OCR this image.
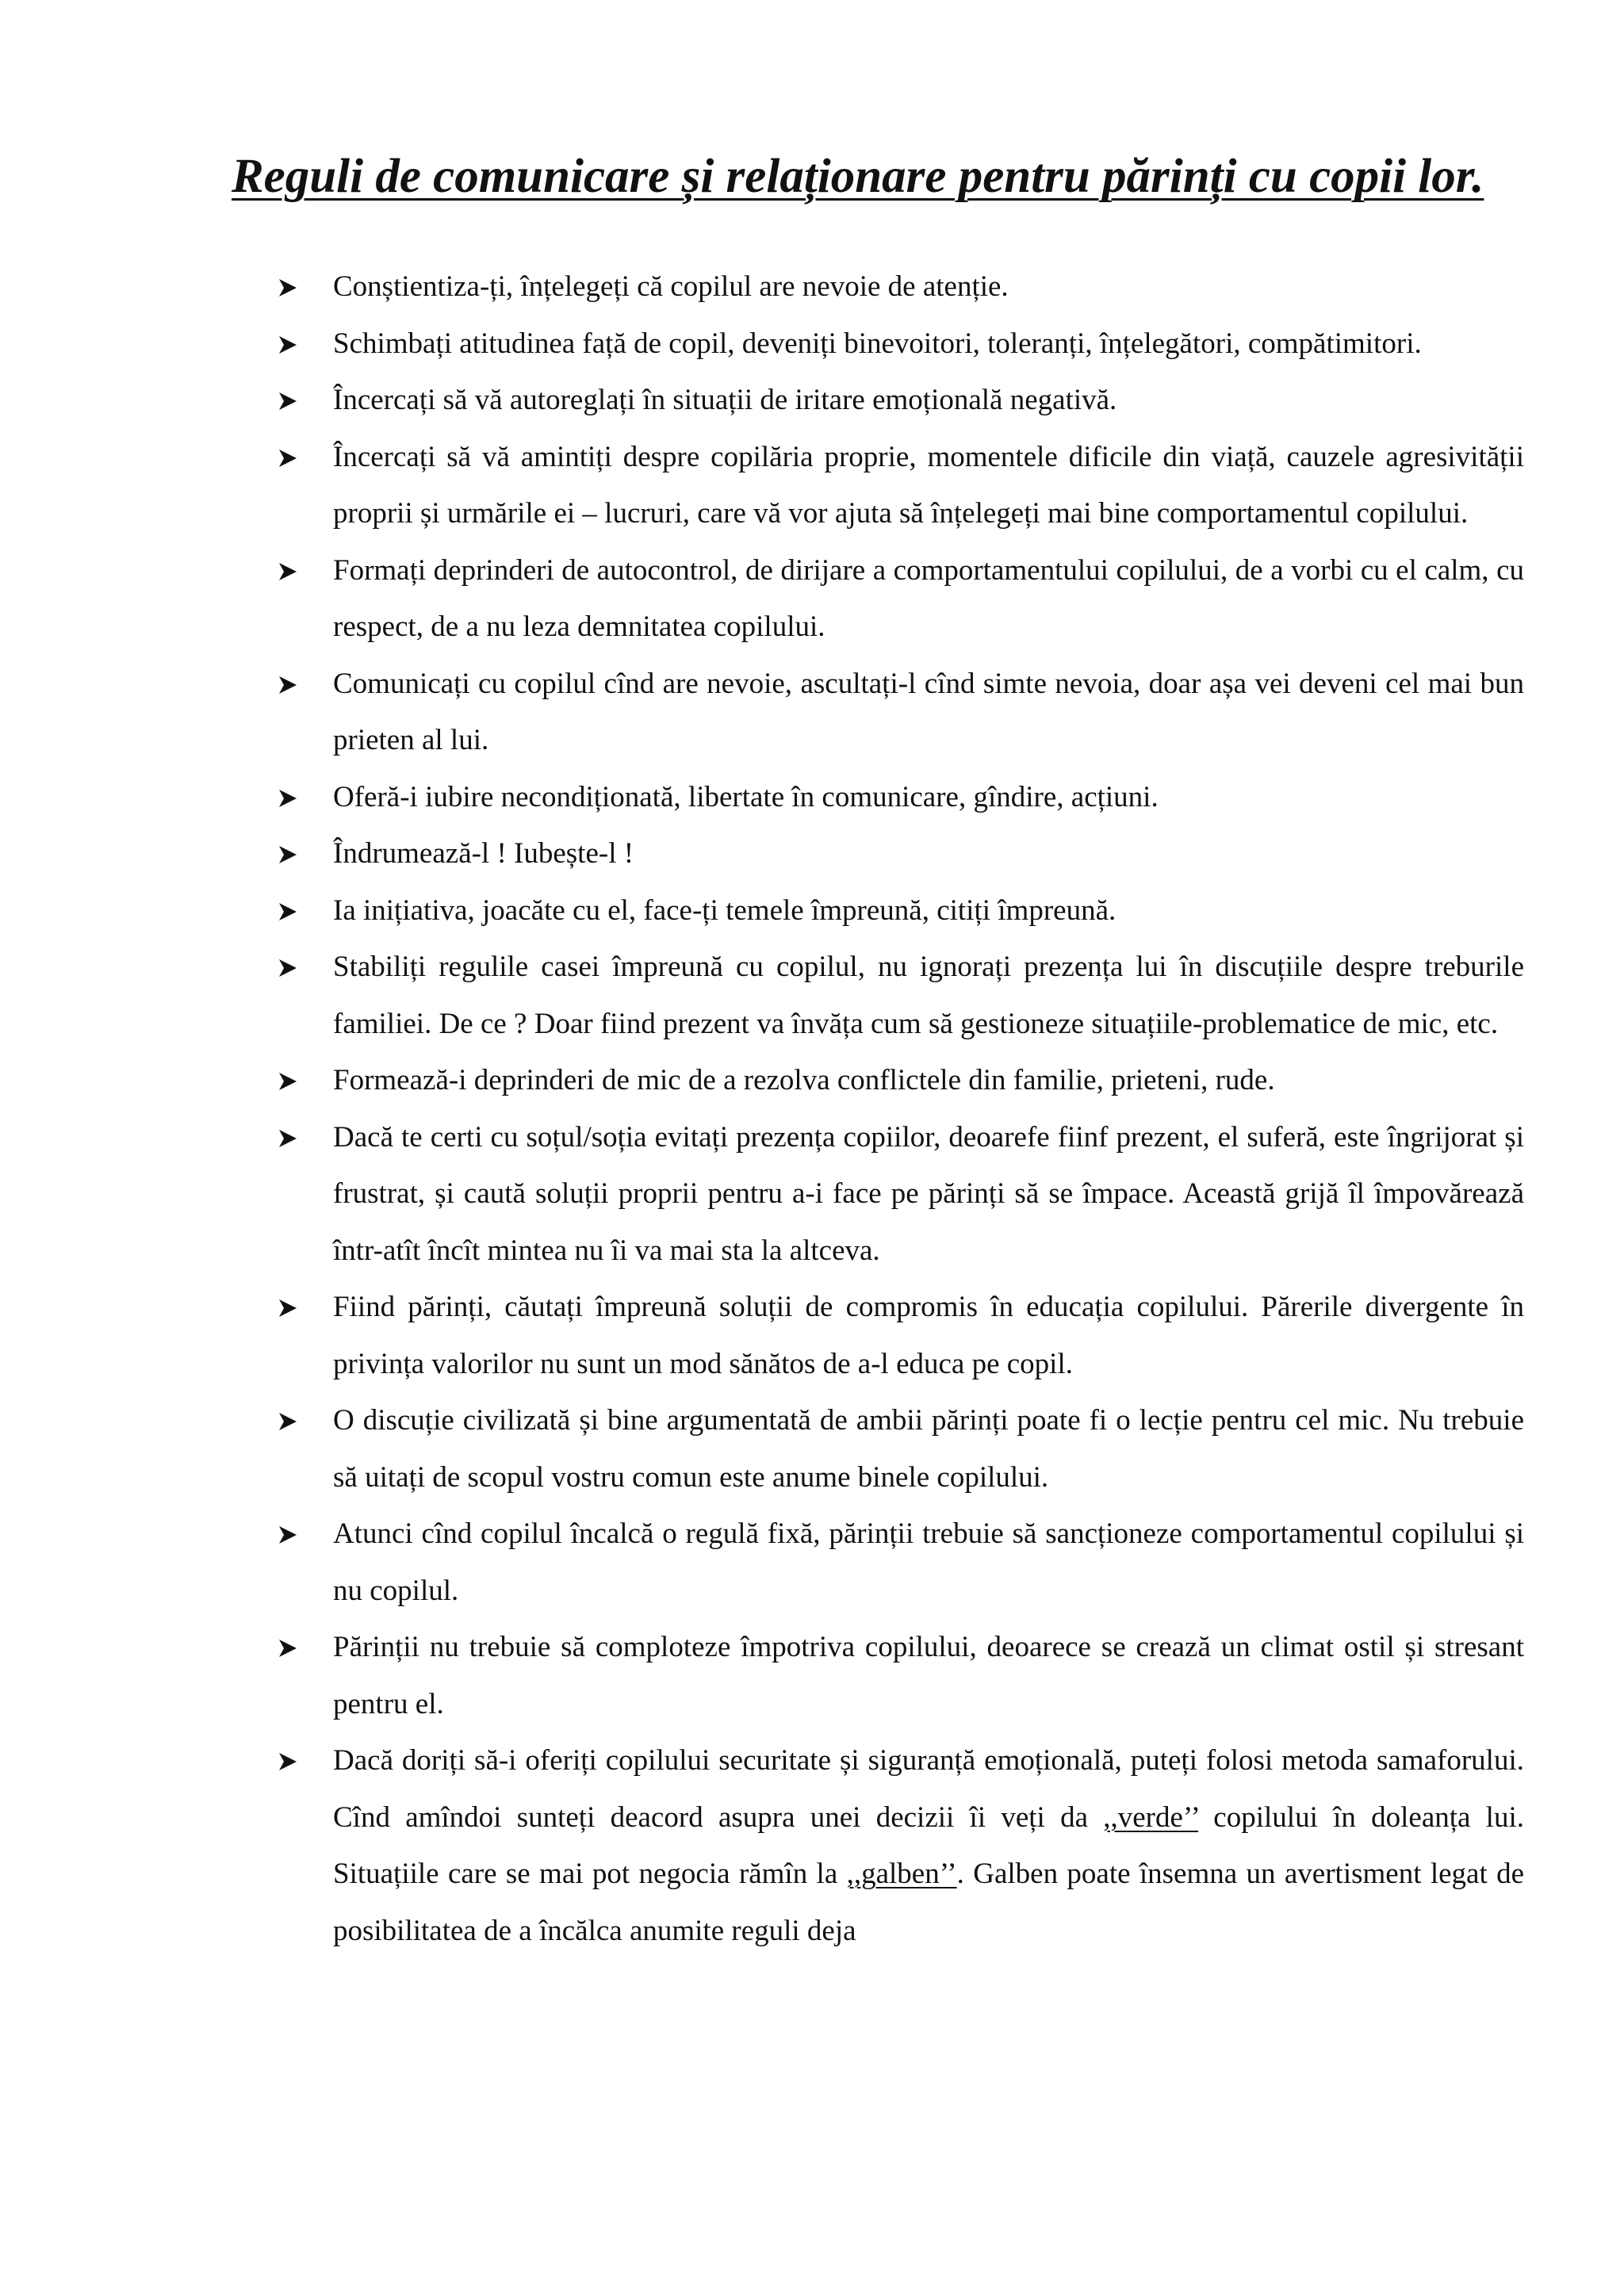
Reguli de comunicare și relaționare pentru părinți cu copii lor.
Conștientiza-ți, înțelegeți că copilul are nevoie de atenție.
Schimbați atitudinea față de copil, deveniți binevoitori, toleranți, înțelegători, compătimitori.
Încercați să vă autoreglați în situații de iritare emoțională negativă.
Încercați să vă amintiți despre copilăria proprie, momentele dificile din viață, cauzele agresivității proprii și urmările ei – lucruri, care vă vor ajuta să înțelegeți mai bine comportamentul copilului.
Formați deprinderi de autocontrol, de dirijare a comportamentului copilului, de a vorbi cu el calm, cu respect, de a nu leza demnitatea copilului.
Comunicați cu copilul cînd are nevoie, ascultați-l cînd simte nevoia, doar așa vei deveni cel mai bun prieten al lui.
Oferă-i iubire necondiționată, libertate în comunicare, gîndire, acțiuni.
Îndrumează-l ! Iubește-l !
Ia inițiativa, joacăte cu el, face-ți temele împreună, citiți împreună.
Stabiliți regulile casei împreună cu copilul, nu ignorați prezența lui în discuțiile despre treburile familiei. De ce ? Doar fiind prezent va învăța cum să gestioneze situațiile-problematice de mic, etc.
Formează-i deprinderi de mic de a rezolva conflictele din familie, prieteni, rude.
Dacă te certi cu soțul/soția evitați prezența copiilor, deoarefe fiinf prezent, el suferă, este îngrijorat și frustrat, și caută soluții proprii pentru a-i face pe părinți să se împace. Această grijă îl împovărează într-atît încît mintea nu îi va mai sta la altceva.
Fiind părinți, căutați împreună soluții de compromis în educația copilului. Părerile divergente în privința valorilor nu sunt un mod sănătos de a-l educa pe copil.
O discuție civilizată și bine argumentată de ambii părinți poate fi o lecție pentru cel mic. Nu trebuie să uitați de scopul vostru comun este anume binele copilului.
Atunci cînd copilul încalcă o regulă fixă, părinții trebuie să sancționeze comportamentul copilului și nu copilul.
Părinții nu trebuie să comploteze împotriva copilului, deoarece se crează un climat ostil și stresant pentru el.
Dacă doriți să-i oferiți copilului securitate și siguranță emoțională, puteți folosi metoda samaforului. Cînd amîndoi sunteți deacord asupra unei decizii îi veți da ,,verde’’ copilului în doleanța lui. Situațiile care se mai pot negocia rămîn la ,,galben’’. Galben poate însemna un avertisment legat de posibilitatea de a încălca anumite reguli deja
